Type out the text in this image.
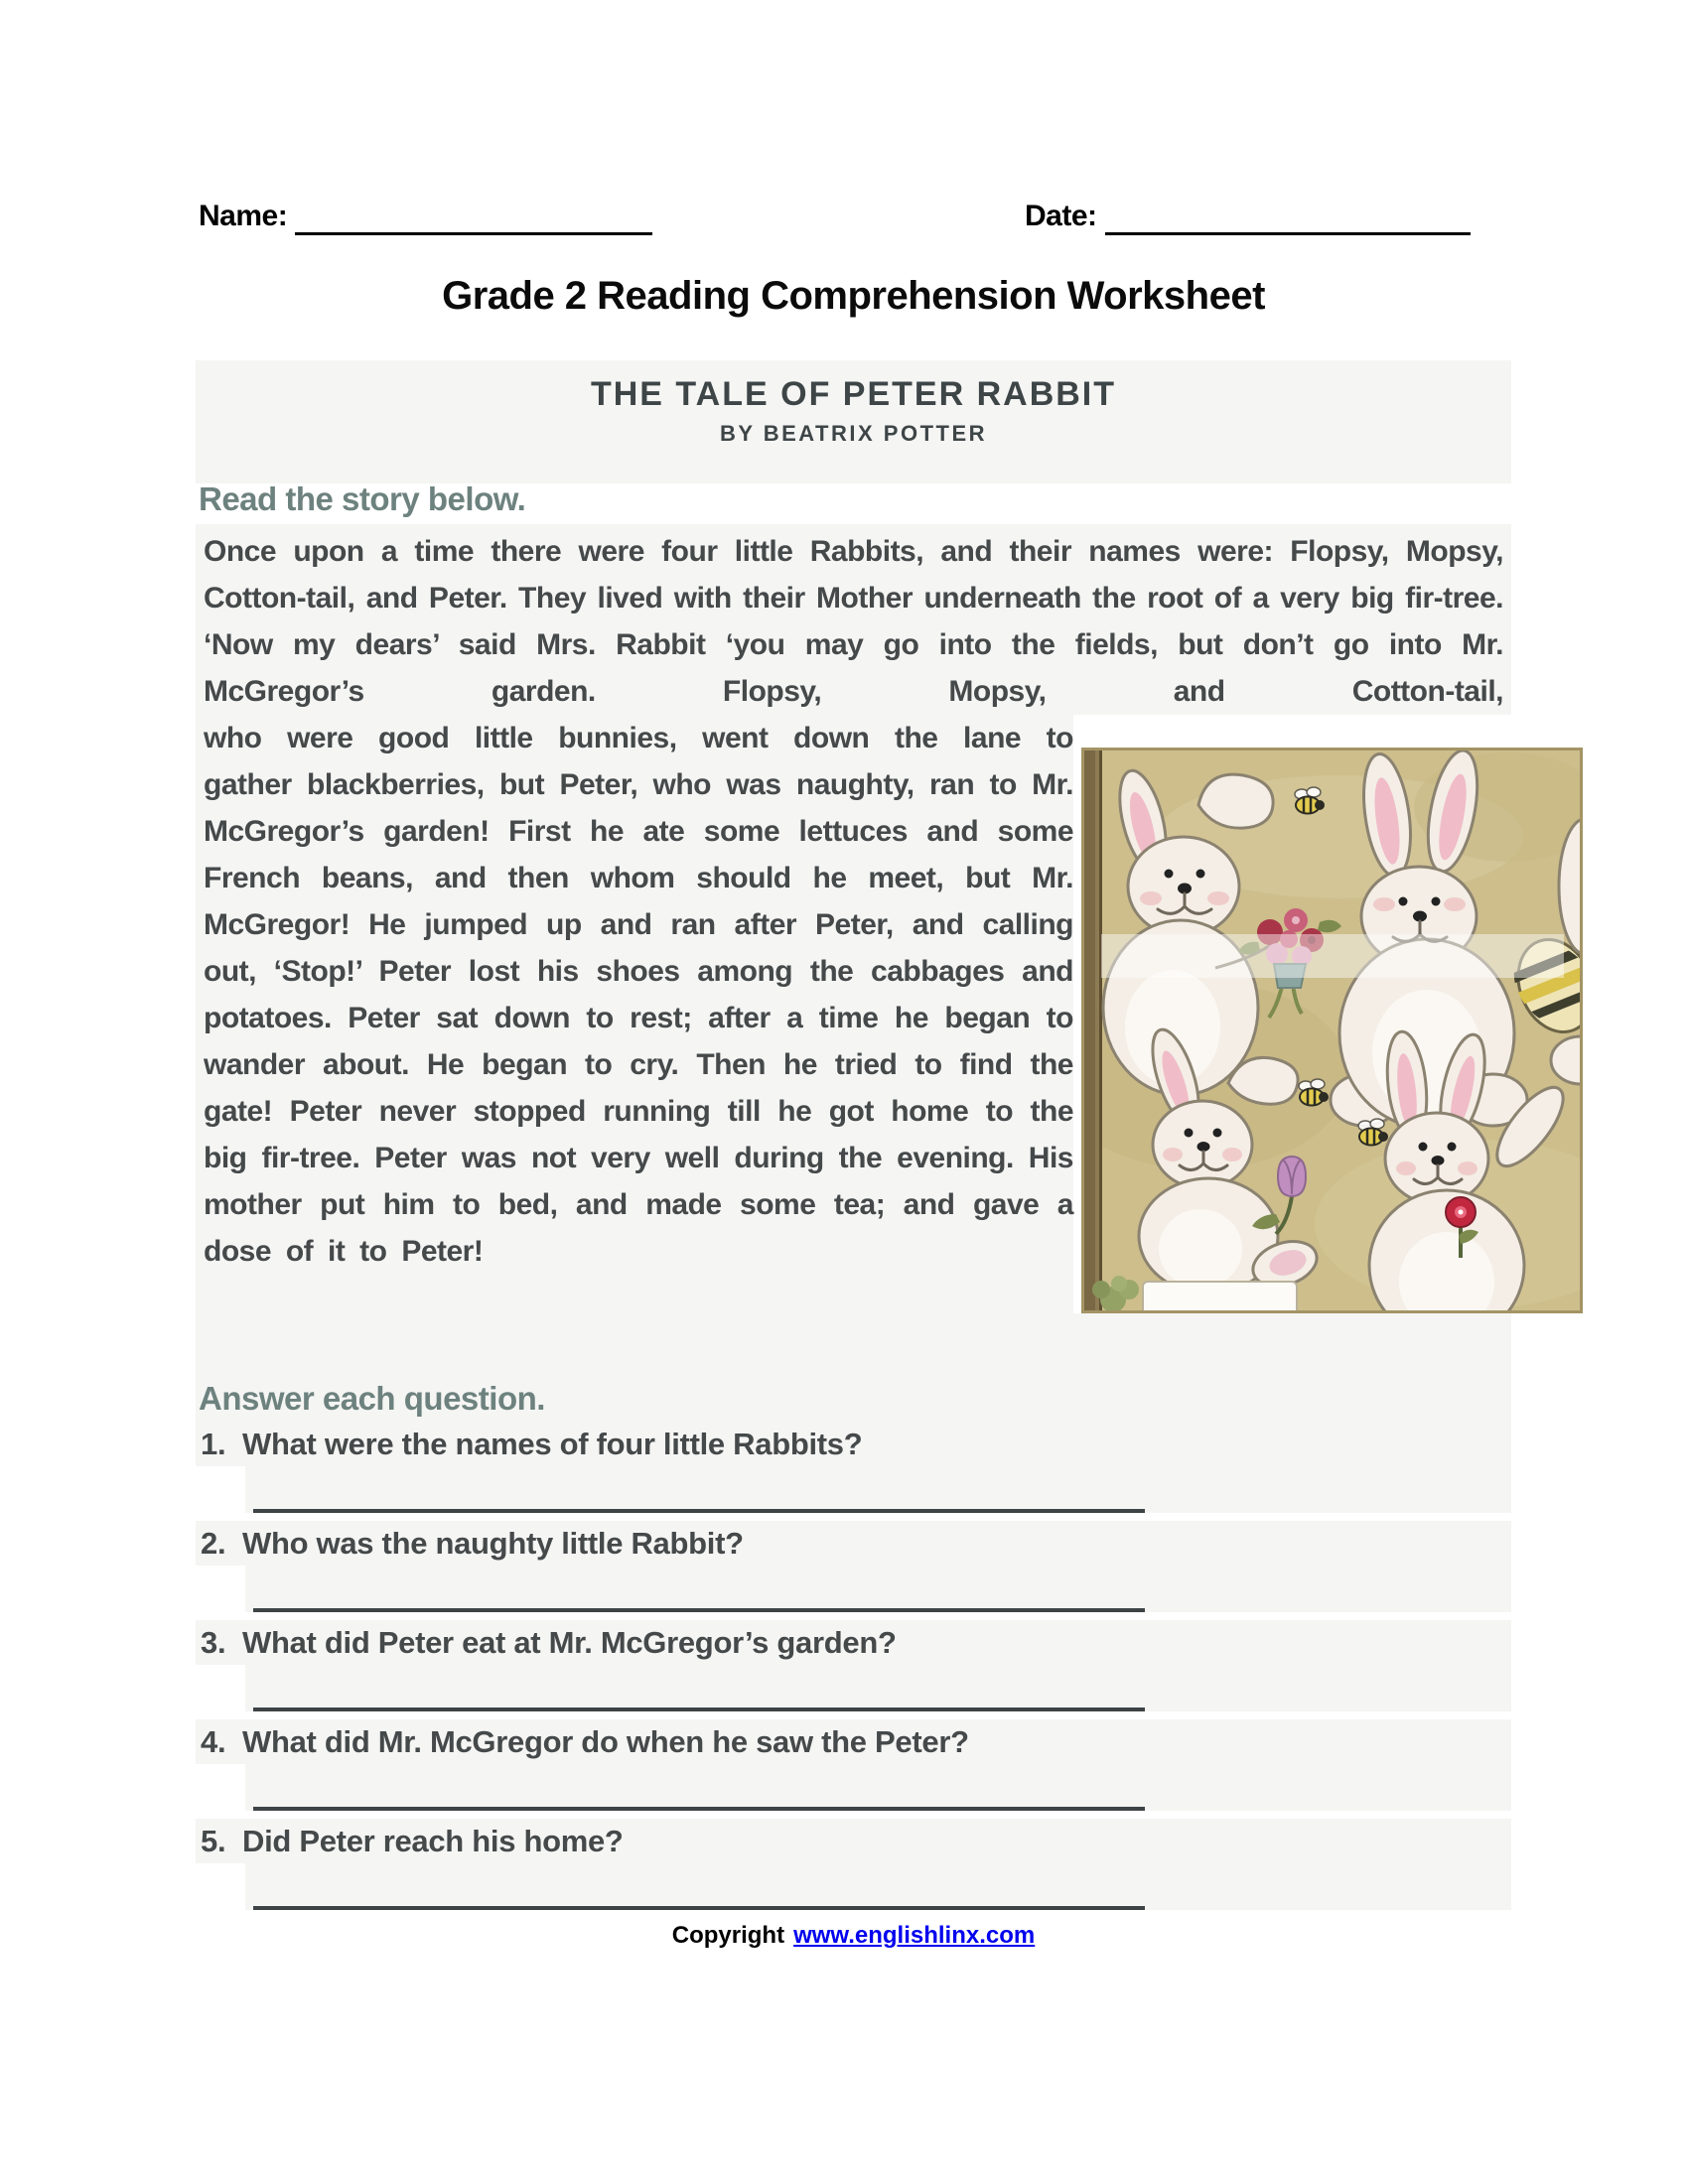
Name:	Date:
Grade 2 Reading Comprehension Worksheet
THE TALE OF PETER RABBIT
BY BEATRIX POTTER
Read the story below.
Once upon a time there were four little Rabbits, and their names were: Flopsy, Mopsy, Cotton-tail, and Peter. They lived with their Mother underneath the root of a very big fir-tree. ‘Now my dears’ said Mrs. Rabbit ‘you may go into the fields, but don’t go into Mr. McGregor’s garden. Flopsy, Mopsy, and Cotton-tail,
who were good little bunnies, went down the lane to gather blackberries, but Peter, who was naughty, ran to Mr. McGregor’s garden! First he ate some lettuces and some French beans, and then whom should he meet, but Mr. McGregor! He jumped up and ran after Peter, and calling out, ‘Stop!’ Peter lost his shoes among the cabbages and potatoes. Peter sat down to rest; after a time he began to wander about. He began to cry. Then he tried to find the gate! Peter never stopped running till he got home to the big fir-tree. Peter was not very well during the evening. His mother put him to bed, and made some tea; and gave a dose of it to Peter!
Answer each question.
1. What were the names of four little Rabbits?
2. Who was the naughty little Rabbit?
3. What did Peter eat at Mr. McGregor’s garden?
4. What did Mr. McGregor do when he saw the Peter?
5. Did Peter reach his home?
Copyright www.englishlinx.com
